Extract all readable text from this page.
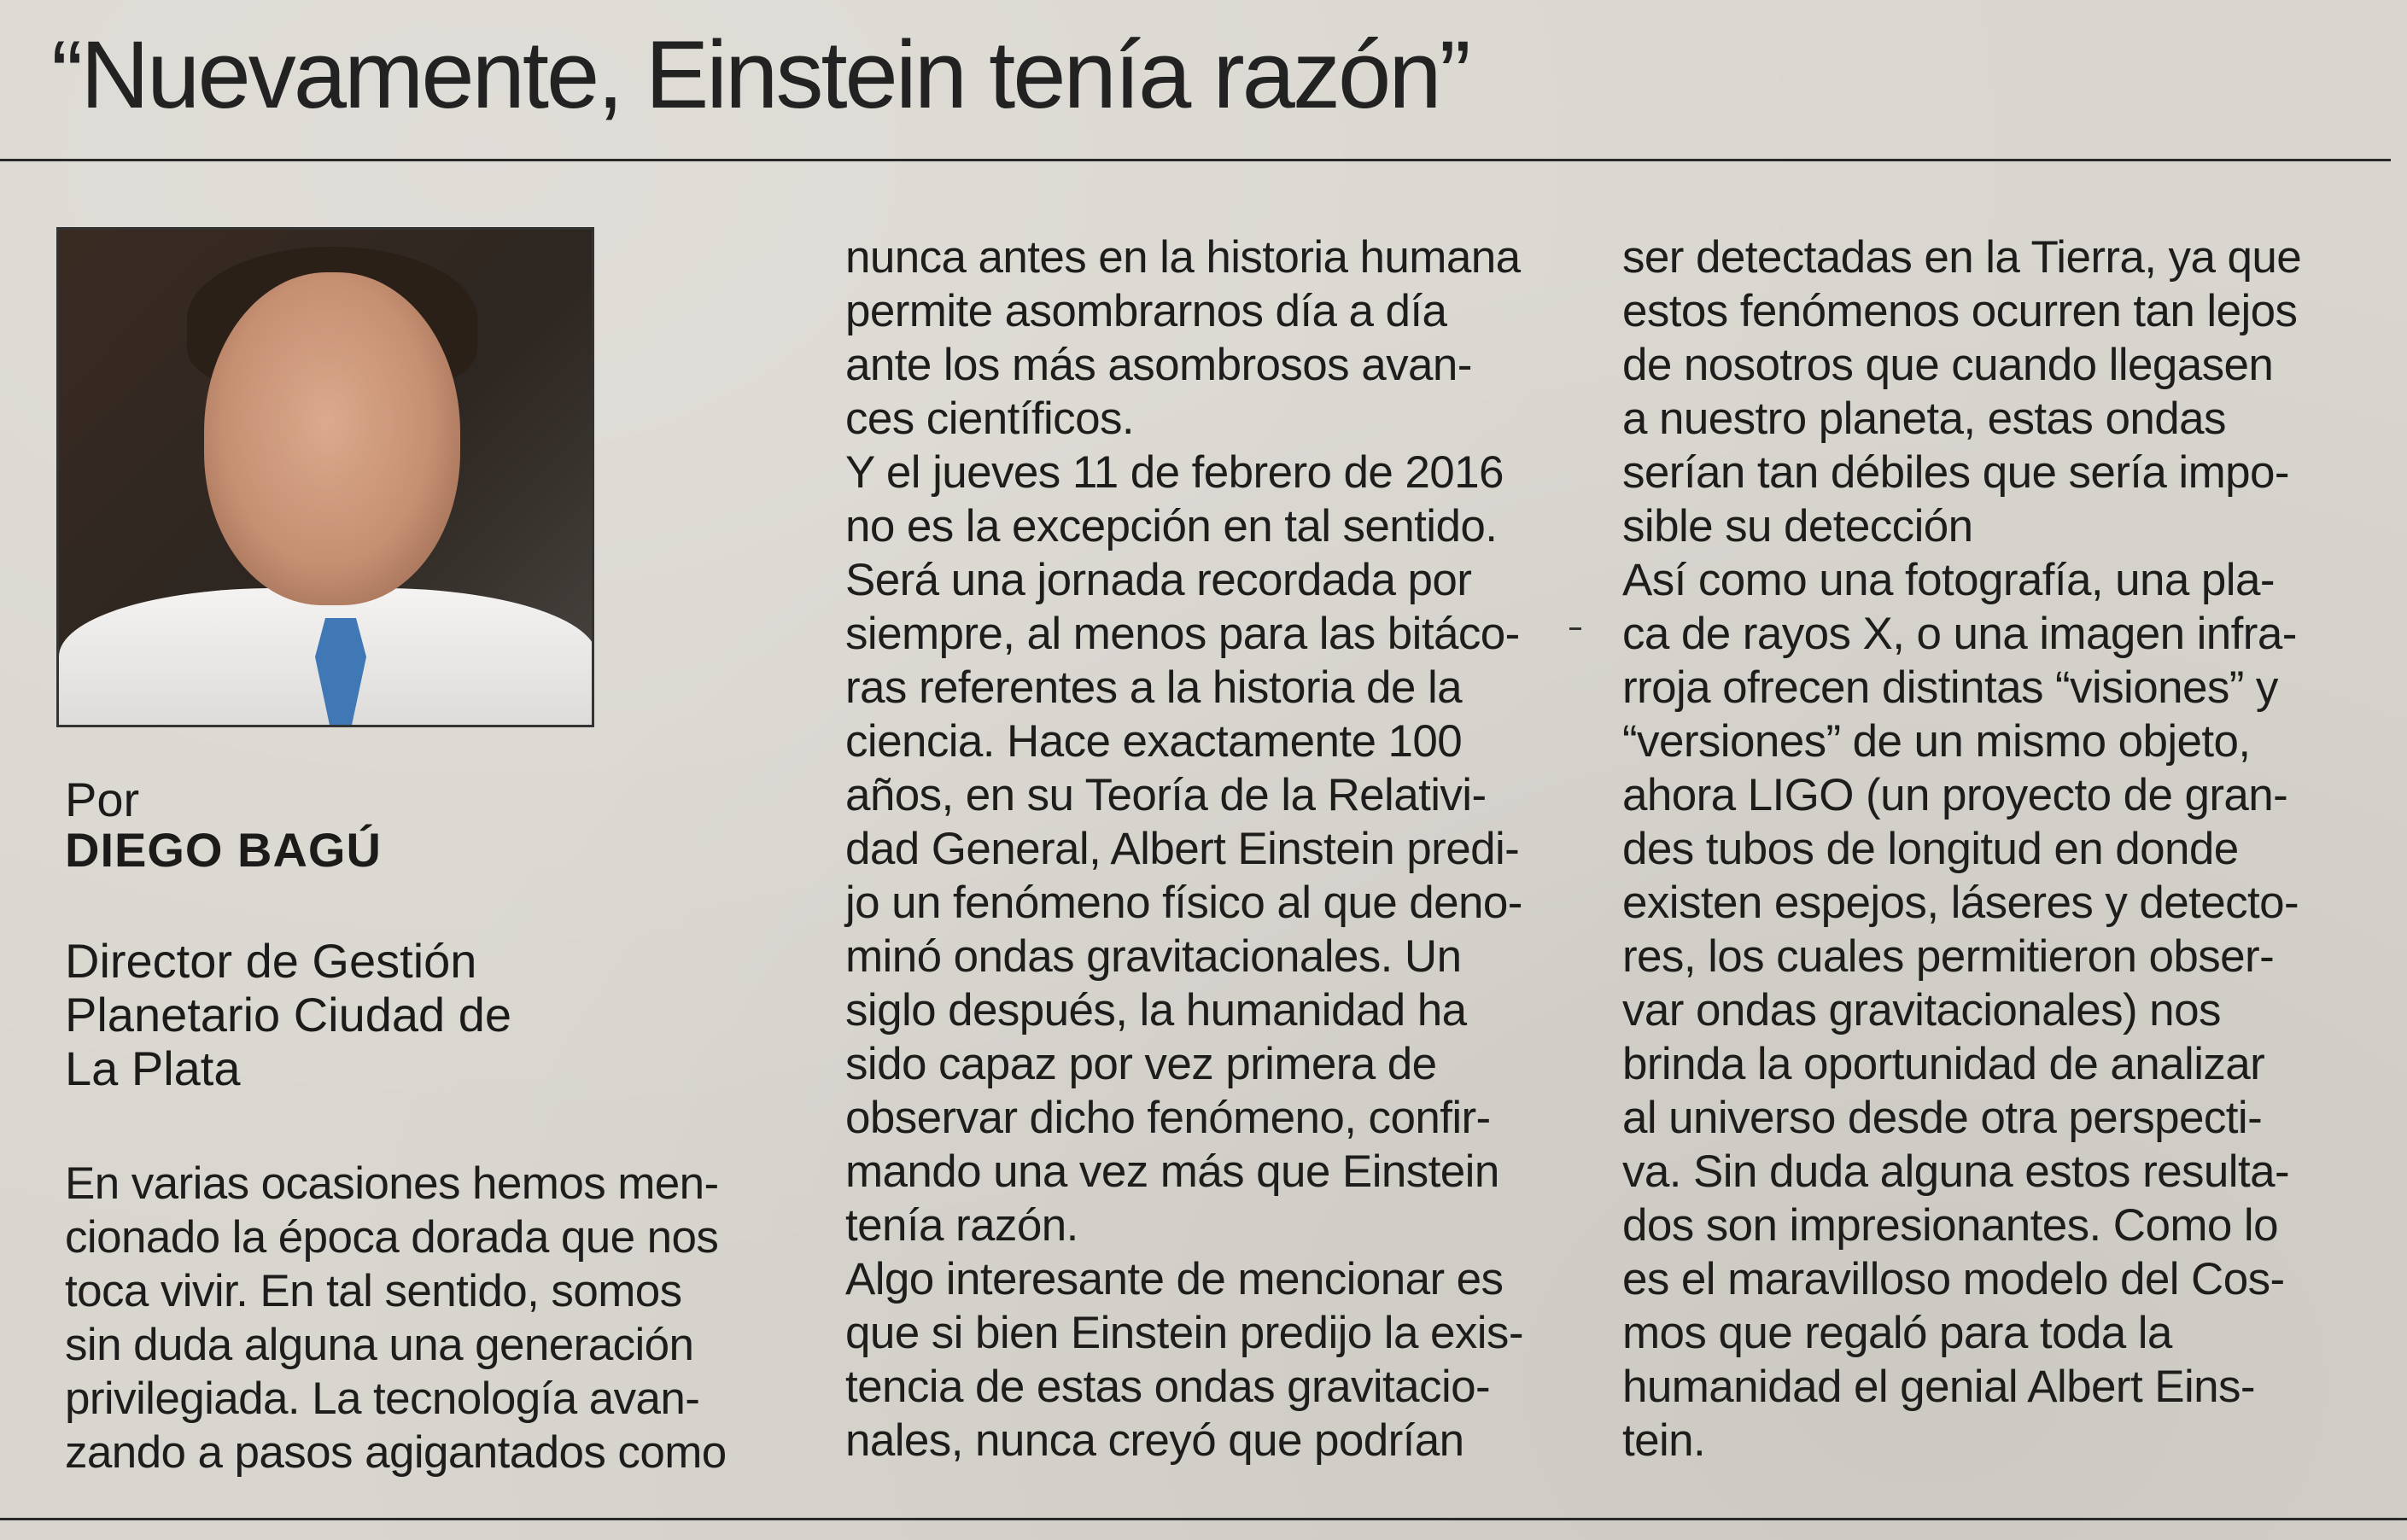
“Nuevamente, Einstein tenía razón”
Por
DIEGO BAGÚ
Director de Gestión
Planetario Ciudad de
La Plata
En varias ocasiones hemos men-
cionado la época dorada que nos
toca vivir. En tal sentido, somos
sin duda alguna una generación
privilegiada. La tecnología avan-
zando a pasos agigantados como
nunca antes en la historia humana
permite asombrarnos día a día
ante los más asombrosos avan-
ces científicos.
Y el jueves 11 de febrero de 2016
no es la excepción en tal sentido.
Será una jornada recordada por
siempre, al menos para las bitáco-
ras referentes a la historia de la
ciencia. Hace exactamente 100
años, en su Teoría de la Relativi-
dad General, Albert Einstein predi-
jo un fenómeno físico al que deno-
minó ondas gravitacionales. Un
siglo después, la humanidad ha
sido capaz por vez primera de
observar dicho fenómeno, confir-
mando una vez más que Einstein
tenía razón.
Algo interesante de mencionar es
que si bien Einstein predijo la exis-
tencia de estas ondas gravitacio-
nales, nunca creyó que podrían
ser detectadas en la Tierra, ya que
estos fenómenos ocurren tan lejos
de nosotros que cuando llegasen
a nuestro planeta, estas ondas
serían tan débiles que sería impo-
sible su detección
Así como una fotografía, una pla-
ca de rayos X, o una imagen infra-
rroja ofrecen distintas “visiones” y
“versiones” de un mismo objeto,
ahora LIGO (un proyecto de gran-
des tubos de longitud en donde
existen espejos, láseres y detecto-
res, los cuales permitieron obser-
var ondas gravitacionales) nos
brinda la oportunidad de analizar
al universo desde otra perspecti-
va. Sin duda alguna estos resulta-
dos son impresionantes. Como lo
es el maravilloso modelo del Cos-
mos que regaló para toda la
humanidad el genial Albert Eins-
tein.
